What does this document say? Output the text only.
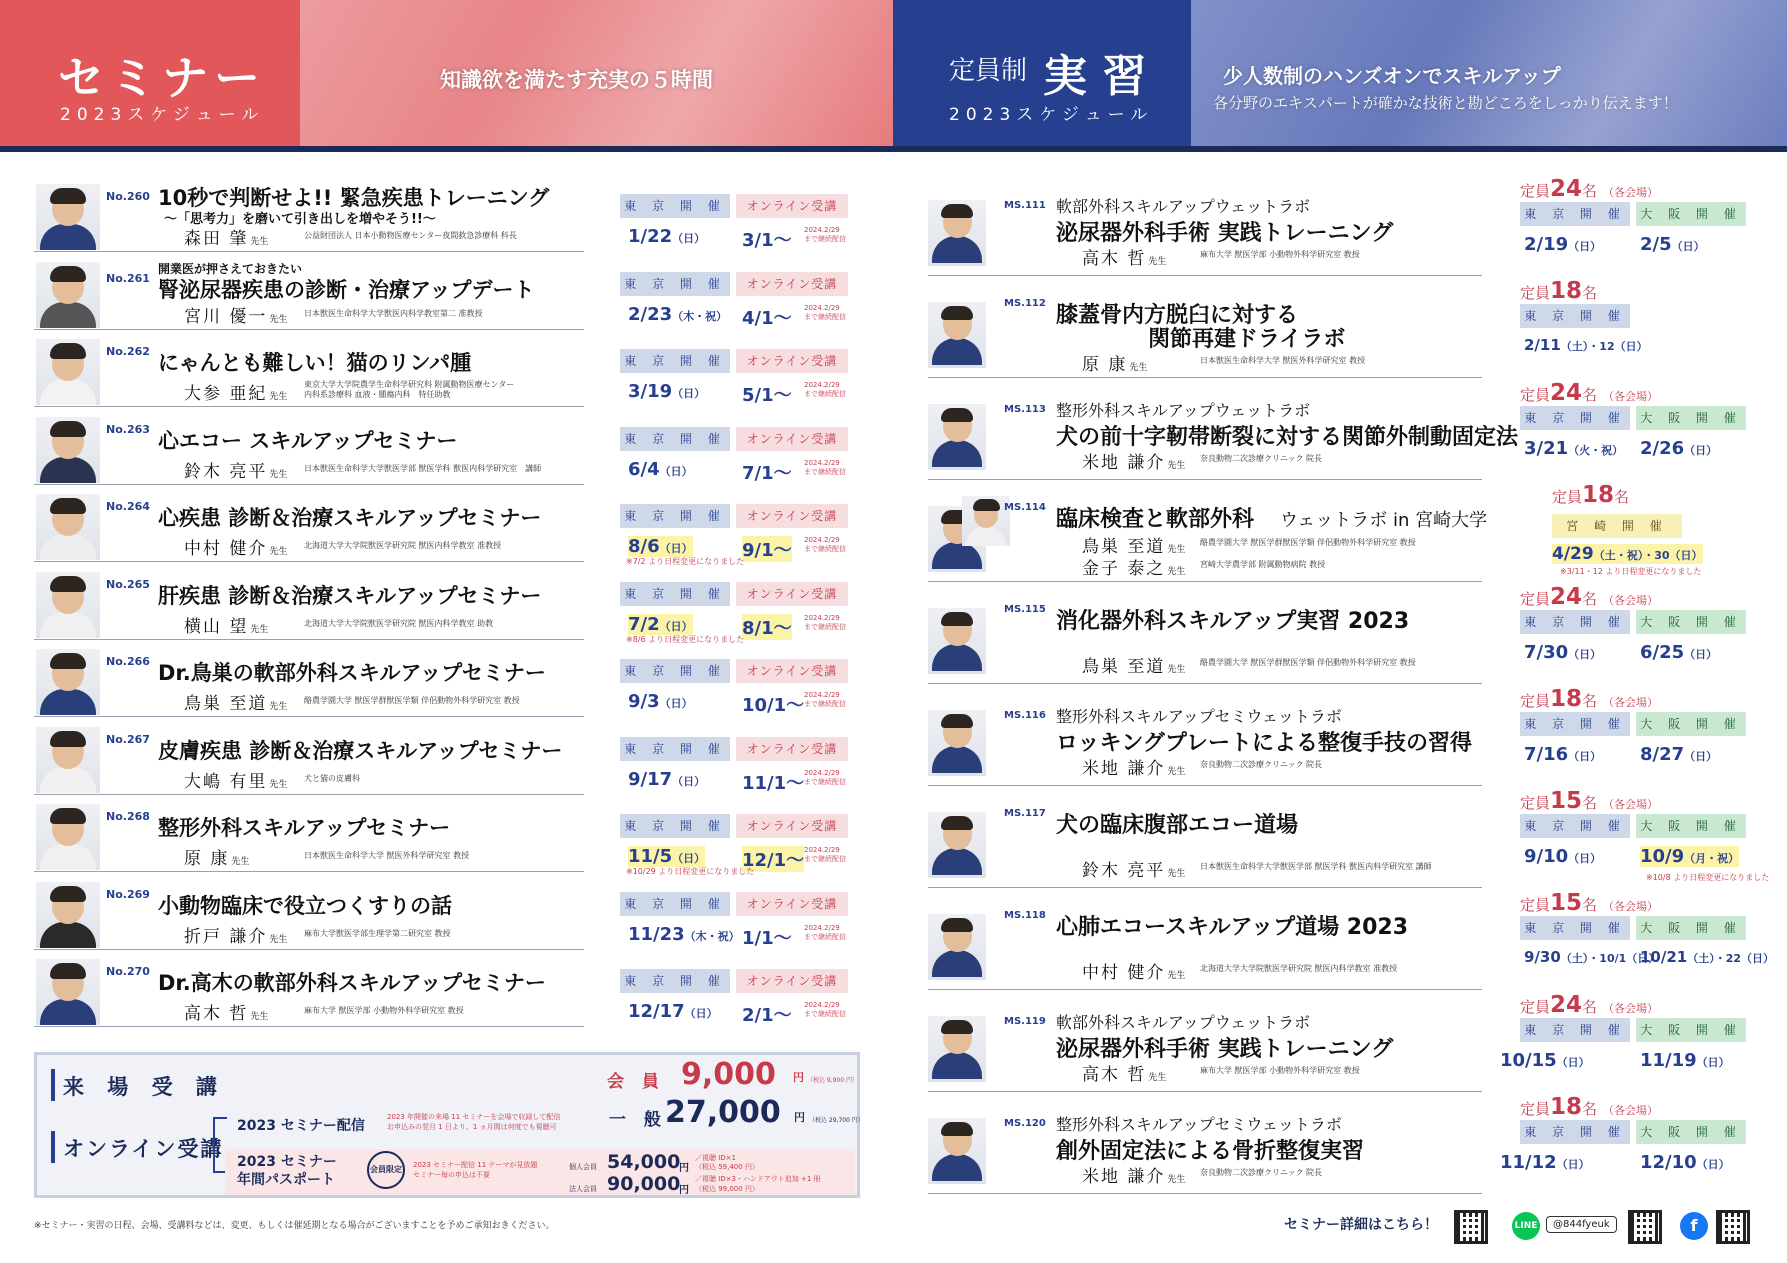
セミナー
2023スケジュール
知識欲を満たす充実の５時間	定員制 実 習
2023スケジュール
少人数制のハンズオンでスキルアップ
各分野のエキスパートが確かな技術と勘どころをしっかり伝えます！
No.260 10秒で判断せよ!! 緊急疾患トレーニング
～「思考力」を磨いて引き出しを増やそう!!～
森田 肇 先生
公益財団法人 日本小動物医療センター夜間救急診療科 科長
東 京 開 催	オンライン受講
1/22（日） 3/1～ 2024.2/29
まで継続配信
No.261
開業医が押さえておきたい
腎泌尿器疾患の診断・治療アップデート
宮川 優一 先生
日本獣医生命科学大学獣医内科学教室第二 准教授
東 京 開 催	オンライン受講
2/23（木・祝） 4/1～ 2024.2/29
まで継続配信
No.262 にゃんとも難しい！猫のリンパ腫
大参 亜紀 先生
東京大学大学院農学生命科学研究科 附属動物医療センター
内科系診療科 血液・腫瘍内科　特任助教
東 京 開 催	オンライン受講
3/19（日） 5/1～ 2024.2/29
まで継続配信
No.263 心エコー スキルアップセミナー
鈴木 亮平 先生
日本獣医生命科学大学獣医学部 獣医学科 獣医内科学研究室　講師
東 京 開 催	オンライン受講
6/4（日）	7/1～ 2024.2/29
まで継続配信
No.264 心疾患 診断＆治療スキルアップセミナー
中村 健介 先生
北海道大学大学院獣医学研究院 獣医内科学教室 准教授
東 京 開 催	オンライン受講
8/6（日）	9/1～ 2024.2/29
まで継続配信
※7/2 より日程変更になりました
No.265 肝疾患 診断＆治療スキルアップセミナー
横山 望 先生
北海道大学大学院獣医学研究院 獣医内科学教室 助教
東 京 開 催	オンライン受講
7/2（日）	8/1～ 2024.2/29
まで継続配信
※8/6 より日程変更になりました
No.266 Dr.鳥巣の軟部外科スキルアップセミナー
鳥巣 至道 先生
酪農学園大学 獣医学群獣医学類 伴侶動物外科学研究室 教授
東 京 開 催	オンライン受講
9/3（日）	10/1～ 2024.2/29
まで継続配信
No.267 皮膚疾患 診断＆治療スキルアップセミナー
大嶋 有里 先生
犬と猫の皮膚科
東 京 開 催	オンライン受講
9/17（日） 11/1～ 2024.2/29
まで継続配信
No.268 整形外科スキルアップセミナー
原 康 先生
日本獣医生命科学大学 獣医外科学研究室 教授
東 京 開 催	オンライン受講
11/5（日） 12/1～ 2024.2/29
まで継続配信
※10/29 より日程変更になりました
No.269 小動物臨床で役立つくすりの話
折戸 謙介 先生
麻布大学獣医学部生理学第二研究室 教授
東 京 開 催	オンライン受講
11/23（木・祝） 1/1～ 2024.2/29
まで継続配信
No.270 Dr.高木の軟部外科スキルアップセミナー
高木 哲 先生
麻布大学 獣医学部 小動物外科学研究室 教授
東 京 開 催	オンライン受講
12/17（日） 2/1～ 2024.2/29
まで継続配信
来 場 受 講
オンライン受講
会 員 9,000 円 （税込 9,900 円）
一 般
27,000 円 （税込 29,700 円）
2023 セミナー配信
2023 年開催の来場 11 セミナーを会場で収録して配信
お申込みの翌月 1 日より、1 ヵ月間は何度でも視聴可
2023 セミナー
年間パスポート
会員限定	2023 セミナー配信 11 テーマが見放題
セミナー毎の申込は不要
個人会員 54,000
円
／視聴 ID×1
（税込 59,400 円）
法人会員 90,000
円
／視聴 ID×3・ハンドアウト追加 +1 冊
（税込 99,000 円）
MS.111 軟部外科スキルアップウェットラボ
泌尿器外科手術 実践トレーニング
高木 哲 先生
麻布大学 獣医学部 小動物外科学研究室 教授
定員24名 （各会場）
東 京 開 催
2/19（日）
大 阪 開 催
2/5（日）
MS.112 膝蓋骨内方脱臼に対する
関節再建ドライラボ
原 康 先生
日本獣医生命科学大学 獣医外科学研究室 教授
定員18名
東 京 開 催
2/11（土）・12（日）
MS.113 整形外科スキルアップウェットラボ
犬の前十字靭帯断裂に対する関節外制動固定法
米地 謙介 先生
奈良動物二次診療クリニック 院長
定員24名 （各会場）
東 京 開 催
3/21（火・祝）
大 阪 開 催
2/26（日）
MS.114 臨床検査と軟部外科 ウェットラボ in 宮崎大学
鳥巣 至道 先生
酪農学園大学 獣医学群獣医学類 伴侶動物外科学研究室 教授
金子 泰之 先生
宮崎大学農学部 附属動物病院 教授
定員18名
宮 崎 開 催
4/29（土・祝）・30（日）
※3/11・12 より日程変更になりました
MS.115 消化器外科スキルアップ実習 2023
鳥巣 至道 先生
酪農学園大学 獣医学群獣医学類 伴侶動物外科学研究室 教授
定員24名 （各会場）
東 京 開 催
7/30（日）
大 阪 開 催
6/25（日）
MS.116 整形外科スキルアップセミウェットラボ
ロッキングプレートによる整復手技の習得
米地 謙介 先生
奈良動物二次診療クリニック 院長
定員18名 （各会場）
東 京 開 催
7/16（日）
大 阪 開 催
8/27（日）
MS.117 犬の臨床腹部エコー道場
鈴木 亮平 先生
日本獣医生命科学大学獣医学部 獣医学科 獣医内科学研究室 講師
定員15名 （各会場）
東 京 開 催
9/10（日）
大 阪 開 催
10/9（月・祝）
※10/8 より日程変更になりました
MS.118 心肺エコースキルアップ道場 2023
中村 健介 先生
北海道大学大学院獣医学研究院 獣医内科学教室 准教授
定員15名 （各会場）
東 京 開 催
9/30（土）・10/1（日）
大 阪 開 催
10/21（土）・22（日）
MS.119 軟部外科スキルアップウェットラボ
泌尿器外科手術 実践トレーニング
高木 哲 先生
麻布大学 獣医学部 小動物外科学研究室 教授
定員24名 （各会場）
東 京 開 催
10/15（日）
大 阪 開 催
11/19（日）
MS.120 整形外科スキルアップセミウェットラボ
創外固定法による骨折整復実習
米地 謙介 先生
奈良動物二次診療クリニック 院長
定員18名 （各会場）
東 京 開 催
11/12（日）
大 阪 開 催
12/10（日）
※セミナー・実習の日程、会場、受講料などは、変更、もしくは催延期となる場合がございますことを予めご承知おきください。	セミナー詳細はこちら！	LINE	@844fyeuk	f
